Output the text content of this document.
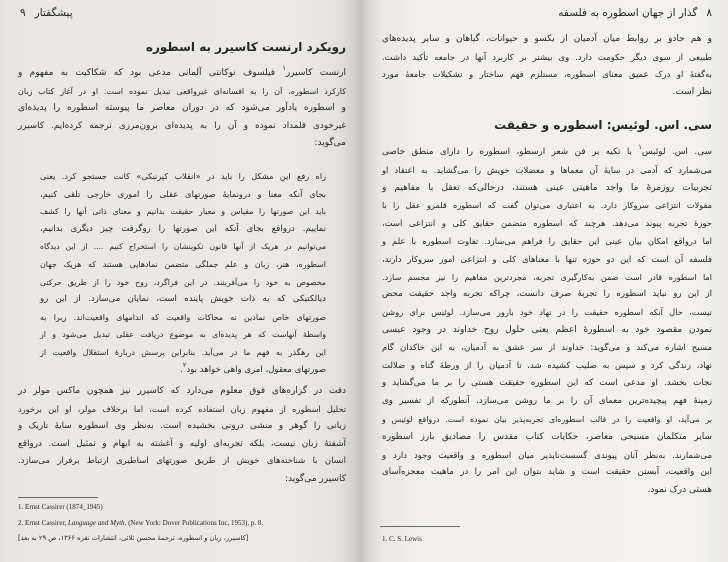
۹ پیشگفتار
رویکرد ارنست کاسیرر به اسطوره
ارنست کاسیرر$^۱$ فیلسوف نوکانتی آلمانی مدعی بود که شکاکیت به مفهوم و
کارکرد اسطوره، آن را به افسانه‌ای غیرواقعی تبدیل نموده است. او در آغاز کتاب زبان
و اسطوره یادآور می‌شود که در دوران معاصر ما پیوسته اسطوره را پدیده‌ای
غیرخودی قلمداد نموده و آن را به پدیده‌ای برون‌مرزی ترجمه کرده‌ایم. کاسیرر
می‌گوید:
راه رفع این مشکل را باید در «انقلاب کپرنیکی» کانت جستجو کرد. یعنی
بجای آنکه معنا و درونمایهٔ صورتهای عقلی را اموری خارجی تلقی کنیم،
باید این صورتها را مقیاس و معیار حقیقت بدانیم و معنای ذاتی آنها را کشف
نماییم. درواقع بجای آنکه این صورتها را روگرفت چیز دیگری بدانیم،
می‌توانیم در هریک از آنها قانون تکوینشان را استخراج کنیم .... از این دیدگاه
اسطوره، هنر، زبان و علم جملگی متضمن نمادهایی هستند که هریک جهان
مخصوص به خود را می‌آفرینند. در این فراگرد، روح خود را از طریق حرکتی
دیالکتیکی که به ذات خویش پاینده است، نمایان می‌سازد. از این رو
صورتهای خاص نمادین نه محاکات واقعیت که اندامهای واقعیت‌اند. زیرا به
واسطهٔ آنهاست که هر پدیده‌ای به موضوع دریافت عقلی تبدیل می‌شود و از
این رهگذر به فهم ما در می‌آید. بنابراین پرسش دربارهٔ استقلال واقعیت از
صورتهای معقول، امری واهی خواهد بود$^۲$.
دقت در گزاره‌های فوق معلوم می‌دارد که کاسیرر نیز همچون ماکس مولر در
تحلیل اسطوره از مفهوم زبان استفاده کرده است، اما برخلاف مولر، او این برخورد
زبانی را گوهر و منشی درونی بخشیده است. به‌نظر وی اسطوره سایهٔ تاریک و
آشفتهٔ زبان نیست، بلکه تجربه‌ای اولیه و آغشته به ابهام و تمثیل است. درواقع
انسان با شناخته‌های خویش از طریق صورتهای اساطیری ارتباط برقرار می‌سازد.
کاسیرر می‌گوید:
1. Ernst Cassirer (1874_1945)
2. Ernst Cassirer, Language and Myth, (New York: Dover Publications Inc, 1953), p. 8.
[کاسیرر، زبان و اسطوره، ترجمهٔ محسن ثلاثی، انتشارات نقره ۱۳۶۶، ص ۲۹ به بعد]
گذار از جهان اسطوره به فلسفه ۸
و هم جادو بر روابط میان آدمیان از یکسو و حیوانات، گیاهان و سایر پدیده‌های
طبیعی از سوی دیگر حکومت دارد. وی بیشتر بر کاربرد آنها در جامعه تأکید داشت.
به‌گفتهٔ او درک عمیق معنای اسطوره، مستلزم فهم ساختار و تشکیلات جامعهٔ مورد
نظر است.
سی. اس. لوئیس: اسطوره و حقیقت
سی. اس. لوئیس$^۱$ با تکیه بر فن شعر ارسطو، اسطوره را دارای منطق خاصی
می‌شمارد که آدمی در سایهٔ آن معماها و معضلات خویش را می‌گشاید. به اعتقاد او
تجربیات روزمرهٔ ما واجد ماهیتی عینی هستند، درحالی‌که تعقل با مفاهیم و
مقولات انتزاعی سروکار دارد. به اعتباری می‌توان گفت که اسطوره قلمرو عقل را با
حوزهٔ تجربه پیوند می‌دهد. هرچند که اسطوره متضمن حقایق کلی و انتزاعی است،
اما درواقع امکان بیان عینی این حقایق را فراهم می‌سازد. تفاوت اسطوره با علم و
فلسفه آن است که این دو حوزه تنها با معناهای کلی و انتزاعی امور سروکار دارند،
اما اسطوره قادر است ضمن به‌کارگیری تجربه، مجردترین مفاهیم را نیز مجسم سازد.
از این رو نباید اسطوره را تجربهٔ صرف دانست، چراکه تجربه واجد حقیقت محض
نیست، حال آنکه اسطوره حقیقت را در نهاد خود بارور می‌سازد. لوئیس برای روشن
نمودن مقصود خود به اسطورهٔ اعظم یعنی حلول روح خداوند در وجود عیسی
مسیح اشاره می‌کند و می‌گوید: خداوند از سر عشق به آدمیان، به این خاکدان گام
نهاد، زندگی کرد و سپس به صلیب کشیده شد، تا آدمیان را از ورطهٔ گناه و ضلالت
نجات بخشد. او مدعی است که این اسطوره حقیقت هستی را بر ما می‌گشاید و
زمینهٔ فهم پیچیده‌ترین معمای آن را بر ما روشن می‌سازد. آنطورکه از تفسیر وی
بر می‌آید، او واقعیت را در قالب اسطوره‌ای تجربه‌پذیر بیان نموده است. درواقع لوئیس و
سایر متکلمان مسیحی معاصر، حکایات کتاب مقدس را مصادیق بارز اسطوره
می‌شمارند. به‌نظر آنان پیوندی گسست‌ناپذیر میان اسطوره و واقعیت وجود دارد و
این واقعیت، آبستن حقیقت است و شاید بتوان این امر را در ماهیت معجزه‌آسای
هستی درک نمود.
1. C. S. Lewis
